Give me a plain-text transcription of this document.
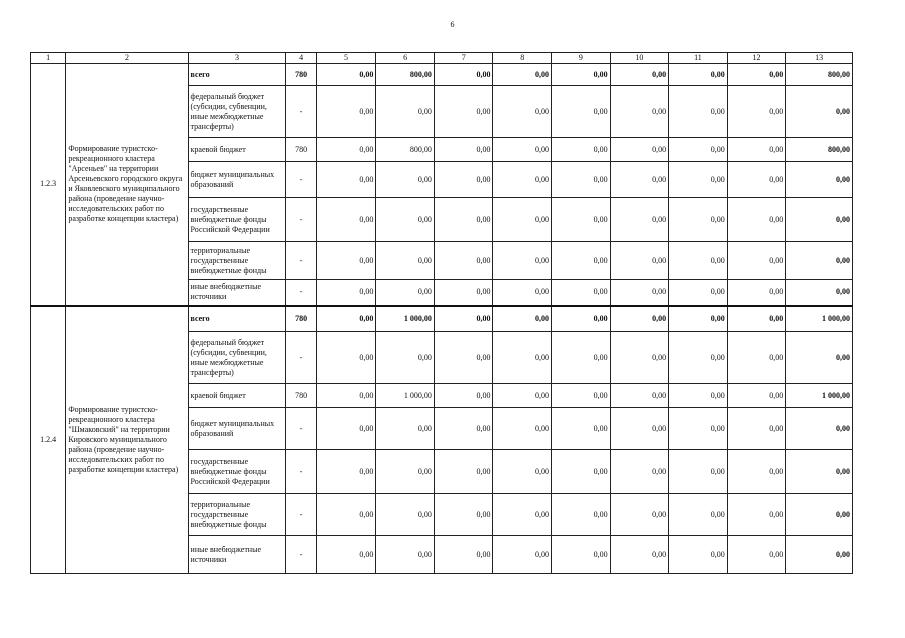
6
1	2	3	4	5	6	7	8	9	10	11	12	13
1.2.3	Формирование туристско-рекреационного кластера "Арсеньев" на территории Арсеньевского городского округа и Яковлевского муниципального района (проведение научно-исследовательских работ по разработке концепции кластера)	всего	780	0,00	800,00	0,00	0,00	0,00	0,00	0,00	0,00	800,00
		федеральный бюджет (субсидии, субвенции, иные межбюджетные трансферты)	-	0,00	0,00	0,00	0,00	0,00	0,00	0,00	0,00	0,00
		краевой бюджет	780	0,00	800,00	0,00	0,00	0,00	0,00	0,00	0,00	800,00
		бюджет муниципальных образований	-	0,00	0,00	0,00	0,00	0,00	0,00	0,00	0,00	0,00
		государственные внебюджетные фонды Российской Федерации	-	0,00	0,00	0,00	0,00	0,00	0,00	0,00	0,00	0,00
		территориальные государственные внебюджетные фонды	-	0,00	0,00	0,00	0,00	0,00	0,00	0,00	0,00	0,00
		иные внебюджетные источники	-	0,00	0,00	0,00	0,00	0,00	0,00	0,00	0,00	0,00
1.2.4	Формирование туристско-рекреационного кластера "Шмаковский" на территории Кировского муниципального района (проведение научно-исследовательских работ по разработке концепции кластера)	всего	780	0,00	1 000,00	0,00	0,00	0,00	0,00	0,00	0,00	1 000,00
		федеральный бюджет (субсидии, субвенции, иные межбюджетные трансферты)	-	0,00	0,00	0,00	0,00	0,00	0,00	0,00	0,00	0,00
		краевой бюджет	780	0,00	1 000,00	0,00	0,00	0,00	0,00	0,00	0,00	1 000,00
		бюджет муниципальных образований	-	0,00	0,00	0,00	0,00	0,00	0,00	0,00	0,00	0,00
		государственные внебюджетные фонды Российской Федерации	-	0,00	0,00	0,00	0,00	0,00	0,00	0,00	0,00	0,00
		территориальные государственные внебюджетные фонды	-	0,00	0,00	0,00	0,00	0,00	0,00	0,00	0,00	0,00
		иные внебюджетные источники	-	0,00	0,00	0,00	0,00	0,00	0,00	0,00	0,00	0,00
